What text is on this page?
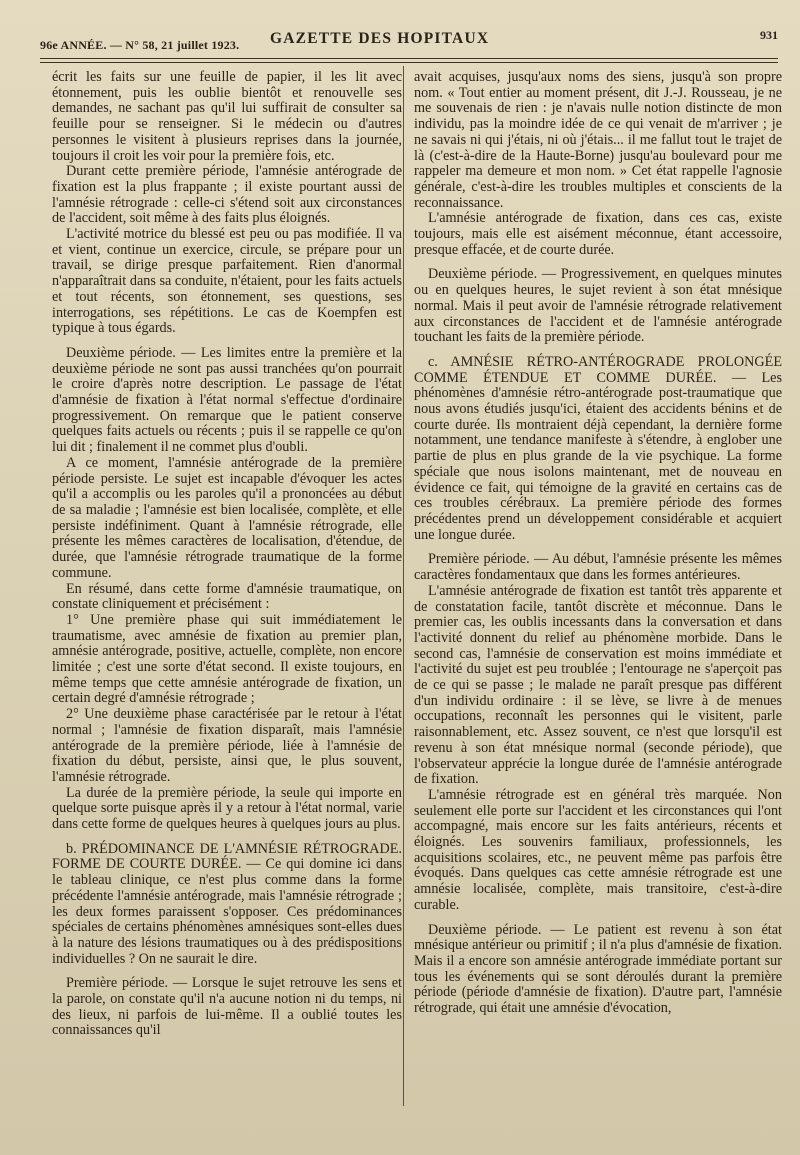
96e ANNÉE. — N° 58, 21 juillet 1923. GAZETTE DES HOPITAUX	931

écrit les faits sur une feuille de papier, il les lit avec étonnement, puis les oublie bientôt et renouvelle ses demandes, ne sachant pas qu'il lui suffirait de consulter sa feuille pour se renseigner. Si le médecin ou d'autres personnes le visitent à plusieurs reprises dans la journée, toujours il croit les voir pour la première fois, etc.

Durant cette première période, l'amnésie antérograde de fixation est la plus frappante ; il existe pourtant aussi de l'amnésie rétrograde : celle-ci s'étend soit aux circonstances de l'accident, soit même à des faits plus éloignés.

L'activité motrice du blessé est peu ou pas modifiée. Il va et vient, continue un exercice, circule, se prépare pour un travail, se dirige presque parfaitement. Rien d'anormal n'apparaîtrait dans sa conduite, n'étaient, pour les faits actuels et tout récents, son étonnement, ses questions, ses interrogations, ses répétitions. Le cas de Koempfen est typique à tous égards.

Deuxième période. — Les limites entre la première et la deuxième période ne sont pas aussi tranchées qu'on pourrait le croire d'après notre description. Le passage de l'état d'amnésie de fixation à l'état normal s'effectue d'ordinaire progressivement. On remarque que le patient conserve quelques faits actuels ou récents ; puis il se rappelle ce qu'on lui dit ; finalement il ne commet plus d'oubli.

A ce moment, l'amnésie antérograde de la première période persiste. Le sujet est incapable d'évoquer les actes qu'il a accomplis ou les paroles qu'il a prononcées au début de sa maladie ; l'amnésie est bien localisée, complète, et elle persiste indéfiniment. Quant à l'amnésie rétrograde, elle présente les mêmes caractères de localisation, d'étendue, de durée, que l'amnésie rétrograde traumatique de la forme commune.

En résumé, dans cette forme d'amnésie traumatique, on constate cliniquement et précisément :

1° Une première phase qui suit immédiatement le traumatisme, avec amnésie de fixation au premier plan, amnésie antérograde, positive, actuelle, complète, non encore limitée ; c'est une sorte d'état second. Il existe toujours, en même temps que cette amnésie antérograde de fixation, un certain degré d'amnésie rétrograde ;

2° Une deuxième phase caractérisée par le retour à l'état normal ; l'amnésie de fixation disparaît, mais l'amnésie antérograde de la première période, liée à l'amnésie de fixation du début, persiste, ainsi que, le plus souvent, l'amnésie rétrograde.

La durée de la première période, la seule qui importe en quelque sorte puisque après il y a retour à l'état normal, varie dans cette forme de quelques heures à quelques jours au plus.

b. PRÉDOMINANCE DE L'AMNÉSIE RÉTROGRADE. FORME DE COURTE DURÉE. — Ce qui domine ici dans le tableau clinique, ce n'est plus comme dans la forme précédente l'amnésie antérograde, mais l'amnésie rétrograde ; les deux formes paraissent s'opposer. Ces prédominances spéciales de certains phénomènes amnésiques sont-elles dues à la nature des lésions traumatiques ou à des prédispositions individuelles ? On ne saurait le dire.

Première période. — Lorsque le sujet retrouve les sens et la parole, on constate qu'il n'a aucune notion ni du temps, ni des lieux, ni parfois de lui-même. Il a oublié toutes les connaissances qu'il

avait acquises, jusqu'aux noms des siens, jusqu'à son propre nom. « Tout entier au moment présent, dit J.-J. Rousseau, je ne me souvenais de rien : je n'avais nulle notion distincte de mon individu, pas la moindre idée de ce qui venait de m'arriver ; je ne savais ni qui j'étais, ni où j'étais... il me fallut tout le trajet de là (c'est-à-dire de la Haute-Borne) jusqu'au boulevard pour me rappeler ma demeure et mon nom. » Cet état rappelle l'agnosie générale, c'est-à-dire les troubles multiples et conscients de la reconnaissance.

L'amnésie antérograde de fixation, dans ces cas, existe toujours, mais elle est aisément méconnue, étant accessoire, presque effacée, et de courte durée.

Deuxième période. — Progressivement, en quelques minutes ou en quelques heures, le sujet revient à son état mnésique normal. Mais il peut avoir de l'amnésie rétrograde relativement aux circonstances de l'accident et de l'amnésie antérograde touchant les faits de la première période.

c. AMNÉSIE RÉTRO-ANTÉROGRADE PROLONGÉE COMME ÉTENDUE ET COMME DURÉE. — Les phénomènes d'amnésie rétro-antérograde post-traumatique que nous avons étudiés jusqu'ici, étaient des accidents bénins et de courte durée. Ils montraient déjà cependant, la dernière forme notamment, une tendance manifeste à s'étendre, à englober une partie de plus en plus grande de la vie psychique. La forme spéciale que nous isolons maintenant, met de nouveau en évidence ce fait, qui témoigne de la gravité en certains cas de ces troubles cérébraux. La première période des formes précédentes prend un développement considérable et acquiert une longue durée.

Première période. — Au début, l'amnésie présente les mêmes caractères fondamentaux que dans les formes antérieures.

L'amnésie antérograde de fixation est tantôt très apparente et de constatation facile, tantôt discrète et méconnue. Dans le premier cas, les oublis incessants dans la conversation et dans l'activité donnent du relief au phénomène morbide. Dans le second cas, l'amnésie de conservation est moins immédiate et l'activité du sujet est peu troublée ; l'entourage ne s'aperçoit pas de ce qui se passe ; le malade ne paraît presque pas différent d'un individu ordinaire : il se lève, se livre à de menues occupations, reconnaît les personnes qui le visitent, parle raisonnablement, etc. Assez souvent, ce n'est que lorsqu'il est revenu à son état mnésique normal (seconde période), que l'observateur apprécie la longue durée de l'amnésie antérograde de fixation.

L'amnésie rétrograde est en général très marquée. Non seulement elle porte sur l'accident et les circonstances qui l'ont accompagné, mais encore sur les faits antérieurs, récents et éloignés. Les souvenirs familiaux, professionnels, les acquisitions scolaires, etc., ne peuvent même pas parfois être évoqués. Dans quelques cas cette amnésie rétrograde est une amnésie localisée, complète, mais transitoire, c'est-à-dire curable.

Deuxième période. — Le patient est revenu à son état mnésique antérieur ou primitif ; il n'a plus d'amnésie de fixation. Mais il a encore son amnésie antérograde immédiate portant sur tous les événements qui se sont déroulés durant la première période (période d'amnésie de fixation). D'autre part, l'amnésie rétrograde, qui était une amnésie d'évocation,
